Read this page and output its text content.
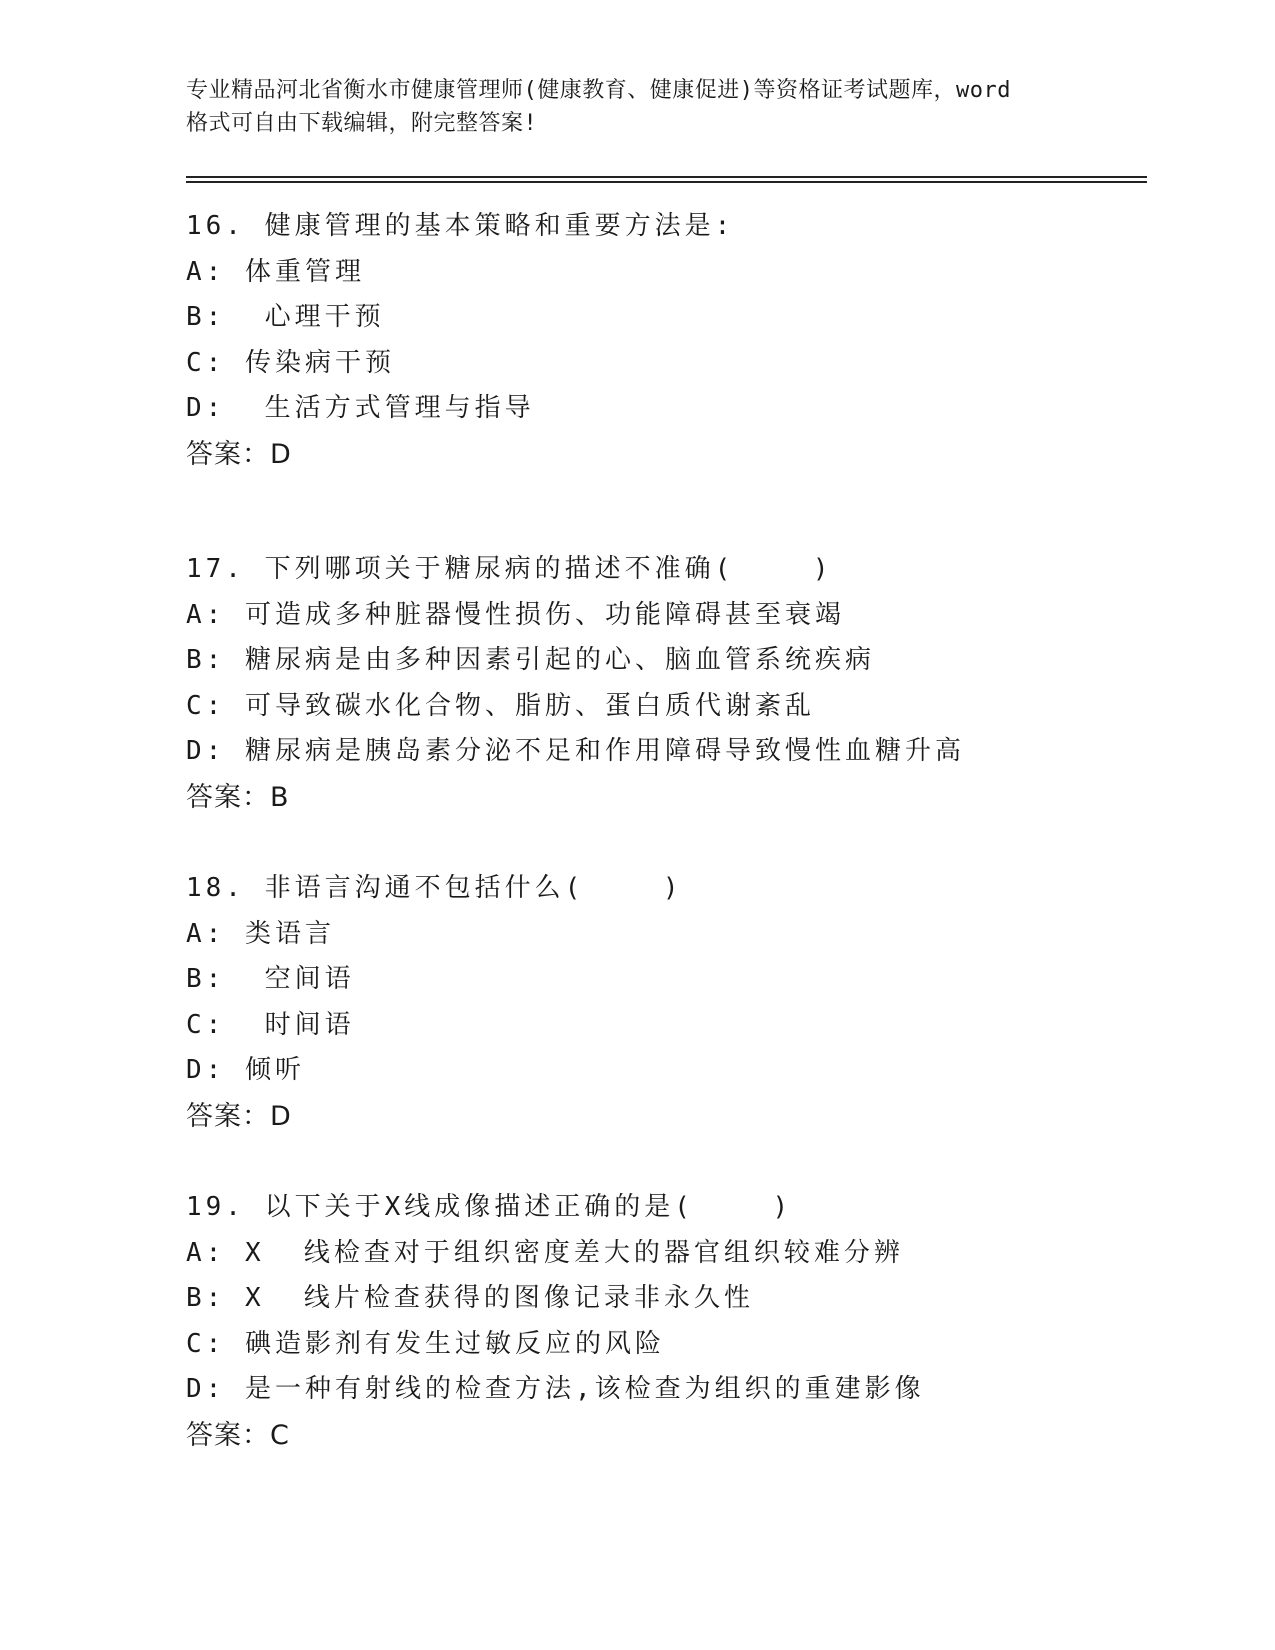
专业精品河北省衡水市健康管理师(健康教育、健康促进)等资格证考试题库，word
格式可自由下载编辑，附完整答案!
16. 健康管理的基本策略和重要方法是:
A: 体重管理
B:  心理干预
C: 传染病干预
D:  生活方式管理与指导
答案：D
17. 下列哪项关于糖尿病的描述不准确(    )
A: 可造成多种脏器慢性损伤、功能障碍甚至衰竭
B: 糖尿病是由多种因素引起的心、脑血管系统疾病
C: 可导致碳水化合物、脂肪、蛋白质代谢紊乱
D: 糖尿病是胰岛素分泌不足和作用障碍导致慢性血糖升高
答案：B
18. 非语言沟通不包括什么(    )
A: 类语言
B:  空间语
C:  时间语
D: 倾听
答案：D
19. 以下关于X线成像描述正确的是(    )
A: X  线检查对于组织密度差大的器官组织较难分辨
B: X  线片检查获得的图像记录非永久性
C: 碘造影剂有发生过敏反应的风险
D: 是一种有射线的检查方法,该检查为组织的重建影像
答案：C
